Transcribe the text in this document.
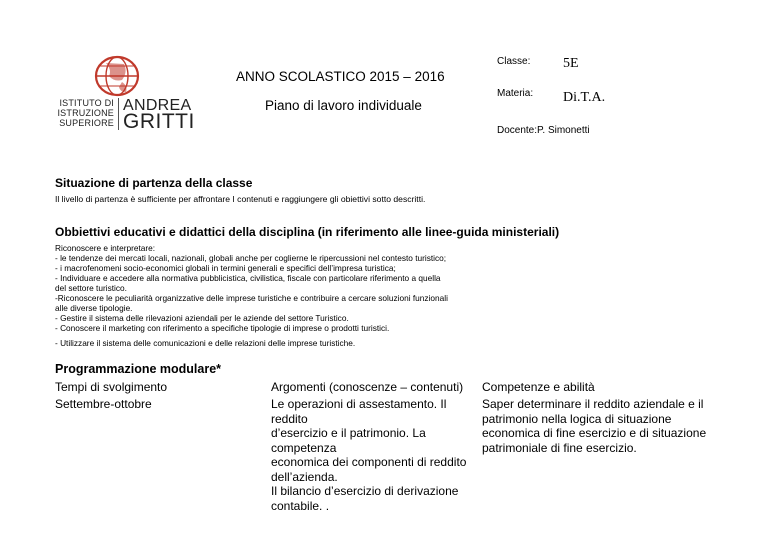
ISTITUTO DI
ISTRUZIONE
SUPERIORE
ANDREA
GRITTI
ANNO SCOLASTICO 2015 – 2016
Piano di lavoro individuale
Classe: 5E
Materia: Di.T.A.
Docente:P. Simonetti
Situazione di partenza della classe
Il livello di partenza è sufficiente per affrontare I contenuti e raggiungere gli obiettivi sotto descritti.
Obbiettivi educativi e didattici della disciplina (in riferimento alle linee-guida ministeriali)
Riconoscere e interpretare:
- le tendenze dei mercati locali, nazionali, globali anche per coglierne le ripercussioni nel contesto turistico;
- i macrofenomeni socio-economici globali in termini generali e specifici dell’impresa turistica;
- Individuare e accedere alla normativa pubblicistica, civilistica, fiscale con particolare riferimento a quella
del settore turistico.
-Riconoscere le peculiarità organizzative delle imprese turistiche e contribuire a cercare soluzioni funzionali
alle diverse tipologie.
- Gestire il sistema delle rilevazioni aziendali per le aziende del settore Turistico.
- Conoscere il marketing con riferimento a specifiche tipologie di imprese o prodotti turistici.
- Utilizzare il sistema delle comunicazioni e delle relazioni delle imprese turistiche.
Programmazione modulare*
Tempi di svolgimento	Argomenti (conoscenze – contenuti) Competenze e abilità
Settembre-ottobre	Le operazioni di assestamento. Il reddito
d’esercizio e il patrimonio. La competenza
economica dei componenti di reddito
dell’azienda.
Il bilancio d’esercizio di derivazione
contabile. .
Saper determinare il reddito aziendale e il
patrimonio nella logica di situazione
economica di fine esercizio e di situazione
patrimoniale di fine esercizio.
